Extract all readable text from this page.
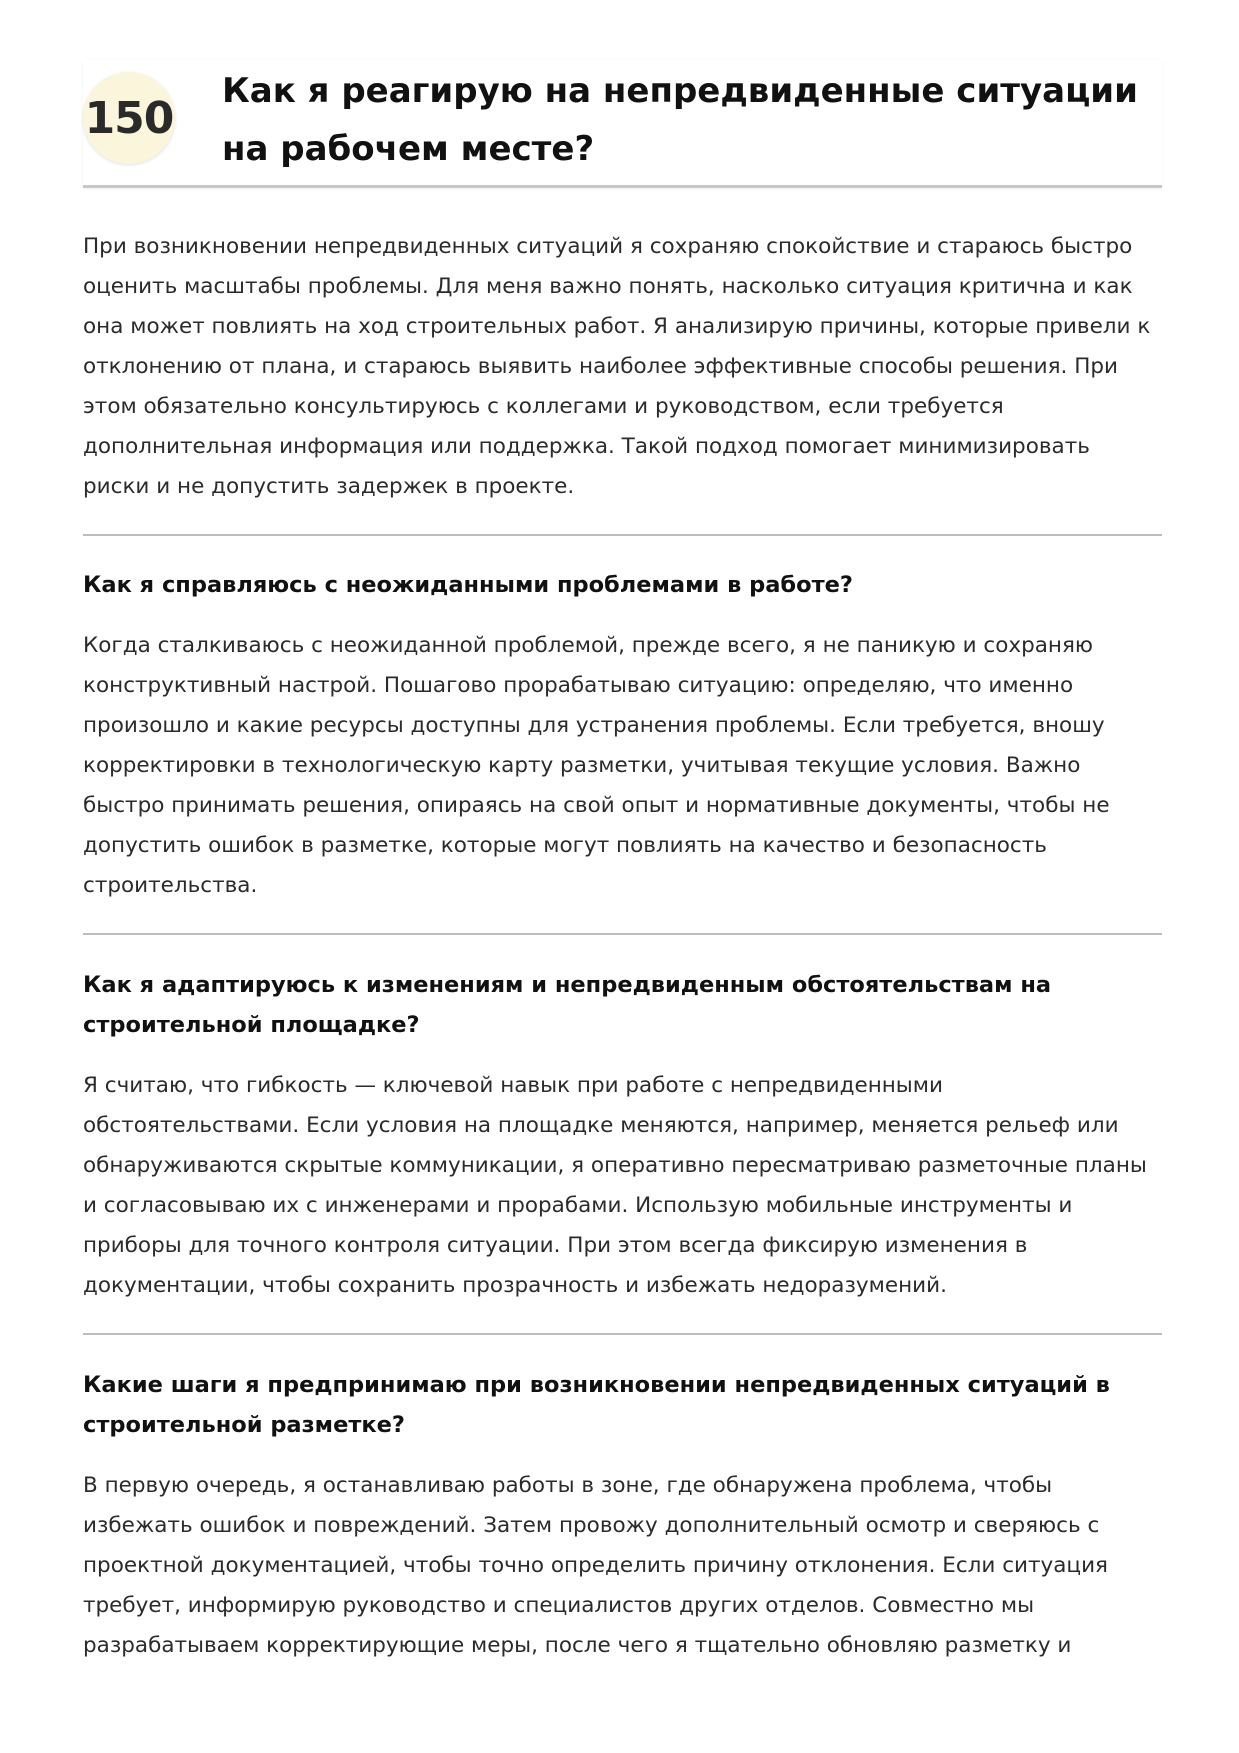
150
Как я реагирую на непредвиденные ситуации на рабочем месте?

При возникновении непредвиденных ситуаций я сохраняю спокойствие и стараюсь быстро оценить масштабы проблемы. Для меня важно понять, насколько ситуация критична и как она может повлиять на ход строительных работ. Я анализирую причины, которые привели к отклонению от плана, и стараюсь выявить наиболее эффективные способы решения. При этом обязательно консультируюсь с коллегами и руководством, если требуется дополнительная информация или поддержка. Такой подход помогает минимизировать риски и не допустить задержек в проекте.

Как я справляюсь с неожиданными проблемами в работе?

Когда сталкиваюсь с неожиданной проблемой, прежде всего, я не паникую и сохраняю конструктивный настрой. Пошагово прорабатываю ситуацию: определяю, что именно произошло и какие ресурсы доступны для устранения проблемы. Если требуется, вношу корректировки в технологическую карту разметки, учитывая текущие условия. Важно быстро принимать решения, опираясь на свой опыт и нормативные документы, чтобы не допустить ошибок в разметке, которые могут повлиять на качество и безопасность строительства.

Как я адаптируюсь к изменениям и непредвиденным обстоятельствам на строительной площадке?

Я считаю, что гибкость — ключевой навык при работе с непредвиденными обстоятельствами. Если условия на площадке меняются, например, меняется рельеф или обнаруживаются скрытые коммуникации, я оперативно пересматриваю разметочные планы и согласовываю их с инженерами и прорабами. Использую мобильные инструменты и приборы для точного контроля ситуации. При этом всегда фиксирую изменения в документации, чтобы сохранить прозрачность и избежать недоразумений.

Какие шаги я предпринимаю при возникновении непредвиденных ситуаций в строительной разметке?

В первую очередь, я останавливаю работы в зоне, где обнаружена проблема, чтобы избежать ошибок и повреждений. Затем провожу дополнительный осмотр и сверяюсь с проектной документацией, чтобы точно определить причину отклонения. Если ситуация требует, информирую руководство и специалистов других отделов. Совместно мы разрабатываем корректирующие меры, после чего я тщательно обновляю разметку и
